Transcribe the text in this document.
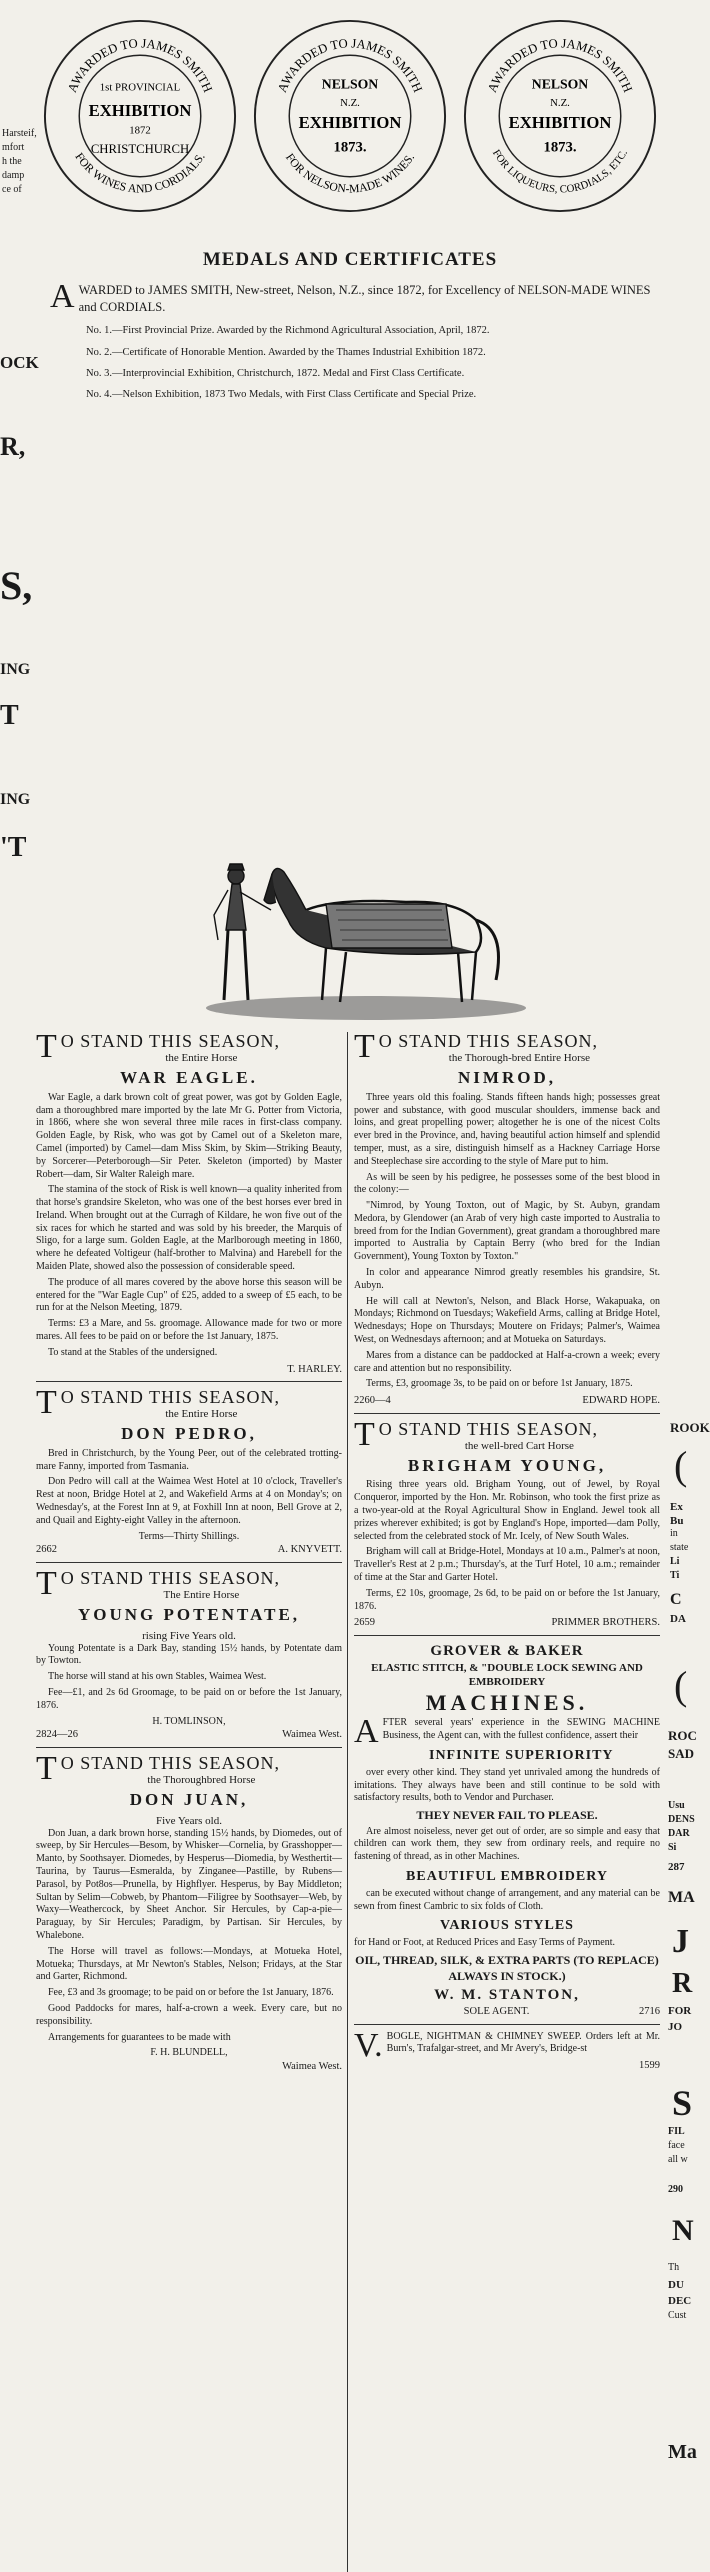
Harsteif,
mfort
h the
damp
ce of
OCK
R,
S,
ING
T
ING
'T
ROOK
(
Ex
Bu
in
state
Li
Ti
C
DA
(
ROC
SAD
Usu
DENS
DAR
Si
287
MA
J
R
FOR
JO
S
FIL
face
all w
290
N
Th
DU
DEC
Cust
Ma
AWARDED TO JAMES SMITH
FOR WINES AND CORDIALS.
1st PROVINCIAL
EXHIBITION
1872
CHRISTCHURCH
AWARDED TO JAMES SMITH
FOR NELSON-MADE WINES.
NELSON
N.Z.
EXHIBITION
1873.
AWARDED TO JAMES SMITH
FOR LIQUEURS, CORDIALS, ETC.
NELSON
N.Z.
EXHIBITION
1873.
MEDALS AND CERTIFICATES
AWARDED to JAMES SMITH, New-street, Nelson, N.Z., since 1872, for Excellency of NELSON-MADE WINES and CORDIALS.

No. 1.—First Provincial Prize. Awarded by the Richmond Agricultural Association, April, 1872.

No. 2.—Certificate of Honorable Mention. Awarded by the Thames Industrial Exhibition 1872.

No. 3.—Interprovincial Exhibition, Christchurch, 1872. Medal and First Class Certificate.

No. 4.—Nelson Exhibition, 1873 Two Medals, with First Class Certificate and Special Prize.

T O STAND THIS SEASON,
the Entire Horse
WAR EAGLE.

War Eagle, a dark brown colt of great power, was got by Golden Eagle, dam a thoroughbred mare imported by the late Mr G. Potter from Victoria, in 1866, where she won several three mile races in first-class company. Golden Eagle, by Risk, who was got by Camel out of a Skeleton mare, Camel (imported) by Camel—dam Miss Skim, by Skim—Striking Beauty, by Sorcerer—Peterborough—Sir Peter. Skeleton (imported) by Master Robert—dam, Sir Walter Raleigh mare.

The stamina of the stock of Risk is well known—a quality inherited from that horse's grandsire Skeleton, who was one of the best horses ever bred in Ireland. When brought out at the Curragh of Kildare, he won five out of the six races for which he started and was sold by his breeder, the Marquis of Sligo, for a large sum. Golden Eagle, at the Marlborough meeting in 1860, where he defeated Voltigeur (half-brother to Malvina) and Harebell for the Maiden Plate, showed also the possession of considerable speed.

The produce of all mares covered by the above horse this season will be entered for the "War Eagle Cup" of £25, added to a sweep of £5 each, to be run for at the Nelson Meeting, 1879.

Terms: £3 a Mare, and 5s. groomage. Allowance made for two or more mares. All fees to be paid on or before the 1st January, 1875.

To stand at the Stables of the undersigned.

T. HARLEY.
T O STAND THIS SEASON,
the Entire Horse
DON PEDRO,

Bred in Christchurch, by the Young Peer, out of the celebrated trotting-mare Fanny, imported from Tasmania.

Don Pedro will call at the Waimea West Hotel at 10 o'clock, Traveller's Rest at noon, Bridge Hotel at 2, and Wakefield Arms at 4 on Monday's; on Wednesday's, at the Forest Inn at 9, at Foxhill Inn at noon, Bell Grove at 2, and Quail and Eighty-eight Valley in the afternoon.

Terms—Thirty Shillings.
2662	A. KNYVETT.
T O STAND THIS SEASON,
The Entire Horse
YOUNG POTENTATE,
rising Five Years old.

Young Potentate is a Dark Bay, standing 15½ hands, by Potentate dam by Towton.

The horse will stand at his own Stables, Waimea West.

Fee—£1, and 2s 6d Groomage, to be paid on or before the 1st January, 1876.

H. TOMLINSON,
2824—26	Waimea West.
T O STAND THIS SEASON,
the Thoroughbred Horse
DON JUAN,
Five Years old.

Don Juan, a dark brown horse, standing 15½ hands, by Diomedes, out of sweep, by Sir Hercules—Besom, by Whisker—Cornelia, by Grasshopper—Manto, by Soothsayer. Diomedes, by Hesperus—Diomedia, by Westhertit—Taurina, by Taurus—Esmeralda, by Zinganee—Pastille, by Rubens—Parasol, by Pot8os—Prunella, by Highflyer. Hesperus, by Bay Middleton; Sultan by Selim—Cobweb, by Phantom—Filigree by Soothsayer—Web, by Waxy—Weathercock, by Sheet Anchor. Sir Hercules, by Cap-a-pie—Paraguay, by Sir Hercules; Paradigm, by Partisan. Sir Hercules, by Whalebone.

The Horse will travel as follows:—Mondays, at Motueka Hotel, Motueka; Thursdays, at Mr Newton's Stables, Nelson; Fridays, at the Star and Garter, Richmond.

Fee, £3 and 3s groomage; to be paid on or before the 1st January, 1876.

Good Paddocks for mares, half-a-crown a week. Every care, but no responsibility.

Arrangements for guarantees to be made with

F. H. BLUNDELL,
Waimea West.
T O STAND THIS SEASON,
the Thorough-bred Entire Horse
NIMROD,

Three years old this foaling. Stands fifteen hands high; possesses great power and substance, with good muscular shoulders, immense back and loins, and great propelling power; altogether he is one of the nicest Colts ever bred in the Province, and, having beautiful action himself and splendid temper, must, as a sire, distinguish himself as a Hackney Carriage Horse and Steeplechase sire according to the style of Mare put to him.

As will be seen by his pedigree, he possesses some of the best blood in the colony:—

"Nimrod, by Young Toxton, out of Magic, by St. Aubyn, grandam Medora, by Glendower (an Arab of very high caste imported to Australia to breed from for the Indian Government), great grandam a thoroughbred mare imported to Australia by Captain Berry (who bred for the Indian Government), Young Toxton by Toxton."

In color and appearance Nimrod greatly resembles his grandsire, St. Aubyn.

He will call at Newton's, Nelson, and Black Horse, Wakapuaka, on Mondays; Richmond on Tuesdays; Wakefield Arms, calling at Bridge Hotel, Wednesdays; Hope on Thursdays; Moutere on Fridays; Palmer's, Waimea West, on Wednesdays afternoon; and at Motueka on Saturdays.

Mares from a distance can be paddocked at Half-a-crown a week; every care and attention but no responsibility.

Terms, £3, groomage 3s, to be paid on or before 1st January, 1875.

2260—4	EDWARD HOPE.
T O STAND THIS SEASON,
the well-bred Cart Horse
BRIGHAM YOUNG,

Rising three years old. Brigham Young, out of Jewel, by Royal Conqueror, imported by the Hon. Mr. Robinson, who took the first prize as a two-year-old at the Royal Agricultural Show in England. Jewel took all prizes wherever exhibited; is got by England's Hope, imported—dam Polly, selected from the celebrated stock of Mr. Icely, of New South Wales.

Brigham will call at Bridge-Hotel, Mondays at 10 a.m., Palmer's at noon, Traveller's Rest at 2 p.m.; Thursday's, at the Turf Hotel, 10 a.m.; remainder of time at the Star and Garter Hotel.

Terms, £2 10s, groomage, 2s 6d, to be paid on or before the 1st January, 1876.

2659	PRIMMER BROTHERS.
GROVER & BAKER
ELASTIC STITCH, & "DOUBLE LOCK SEWING AND EMBROIDERY
MACHINES.

AFTER several years' experience in the SEWING MACHINE Business, the Agent can, with the fullest confidence, assert their

INFINITE SUPERIORITY

over every other kind. They stand yet unrivaled among the hundreds of imitations. They always have been and still continue to be sold with satisfactory results, both to Vendor and Purchaser.

THEY NEVER FAIL TO PLEASE.

Are almost noiseless, never get out of order, are so simple and easy that children can work them, they sew from ordinary reels, and require no fastening of thread, as in other Machines.

BEAUTIFUL EMBROIDERY

can be executed without change of arrangement, and any material can be sewn from finest Cambric to six folds of Cloth.

VARIOUS STYLES

for Hand or Foot, at Reduced Prices and Easy Terms of Payment.

OIL, THREAD, SILK, & EXTRA PARTS (TO REPLACE) ALWAYS IN STOCK.)
W. M. STANTON,
SOLE AGENT.	2716

V. BOGLE, NIGHTMAN & CHIMNEY SWEEP. Orders left at Mr. Burn's, Trafalgar-street, and Mr Avery's, Bridge-st

1599
